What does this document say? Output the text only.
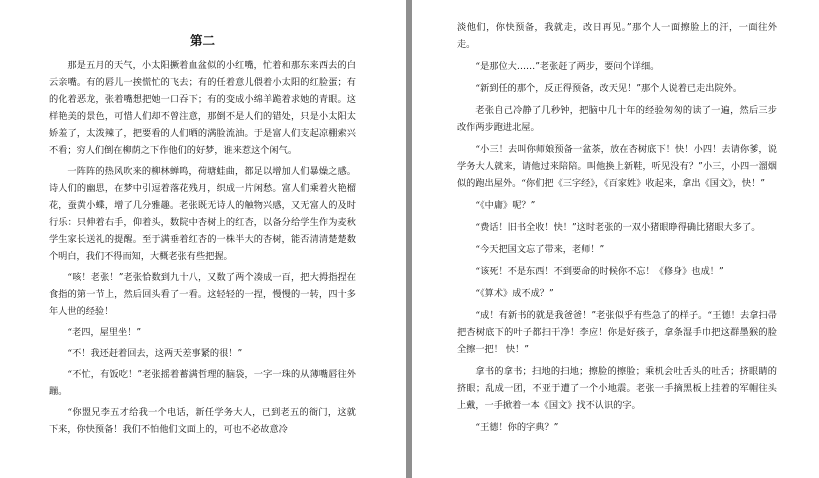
第二

那是五月的天气，小太阳撅着血盆似的小红嘴，忙着和那东来西去的白云亲嘴。有的唇儿一挨慌忙的飞去；有的任着意儿偎着小太阳的红脸蛋；有的化着恶龙，张着嘴想把她一口吞下；有的变成小绵羊跪着求她的青眼。这样艳美的景色，可惜人们却不曾注意，那倒不是人们的错处，只是小太阳太娇羞了，太泼辣了，把要看的人们晒的满脸流油。于是富人们支起凉棚索兴不看；穷人们倒在柳荫之下作他们的好梦，谁来惹这个闲气。

一阵阵的热风吹来的柳林蝉鸣，荷塘蛙曲，都足以增加人们暴燥之感。诗人们的幽思，在梦中引逗着落花残月，织成一片闲愁。富人们乘着火艳榴花，蚕黄小蝶，增了几分雅趣。老张既无诗人的触物兴感，又无富人的及时行乐：只伸着右手，仰着头，数院中杏树上的红杏，以备分给学生作为麦秋学生家长送礼的提醒。至于满垂着红杏的一株半大的杏树，能否清清楚楚数个明白，我们不得而知，大概老张有些把握。

“咳！老张！”老张恰数到九十八，又数了两个凑成一百，把大拇指捏在食指的第一节上，然后回头看了一看。这轻轻的一捏，慢慢的一转，四十多年人世的经验！

“老四，屋里坐！”

“不！我还赶着回去，这两天差事紧的很！”

“不忙，有饭吃！”老张摇着蓄满哲理的脑袋，一字一珠的从薄嘴唇往外蹦。

“你盟兄李五才给我一个电话，新任学务大人，已到老五的衙门，这就下来，你快预备！我们不怕他们文面上的，可也不必故意冷

淡他们，你快预备，我就走，改日再见。”那个人一面擦脸上的汗，一面往外走。

“是那位大……”老张赶了两步，要问个详细。

“新到任的那个，反正得预备，改天见！”那个人说着已走出院外。

老张自己冷静了几秒钟，把脑中几十年的经验匆匆的读了一遍，然后三步改作两步跑进北屋。

“小三！去叫你师娘预备一盆茶，放在杏树底下！快！小四！去请你爹，说学务大人就来，请他过来陪陪。叫他换上新鞋，听见没有？”小三，小四一溜烟似的跑出屋外。“你们把《三字经》，《百家姓》收起来，拿出《国文》，快！”

“《中庸》呢？”

“费话！旧书全收！快！”这时老张的一双小猪眼睁得确比猪眼大多了。

“今天把国文忘了带来，老师！”

“该死！不是东西！不到要命的时候你不忘！《修身》也成！”

“《算术》成不成？”

“成！有新书的就是我爸爸！”老张似乎有些急了的样子。“王德！去拿扫帚把杏树底下的叶子都扫干净！李应！你是好孩子，拿条湿手巾把这群墨猴的脸全擦一把！ 快！”

拿书的拿书；扫地的扫地；擦脸的擦脸；乘机会吐舌头的吐舌；挤眼睛的挤眼；乱成一团，不亚于遭了一个小地震。老张一手摘黑板上挂着的军帽往头上戴，一手掀着一本《国文》找不认识的字。

“王德！你的字典？”
